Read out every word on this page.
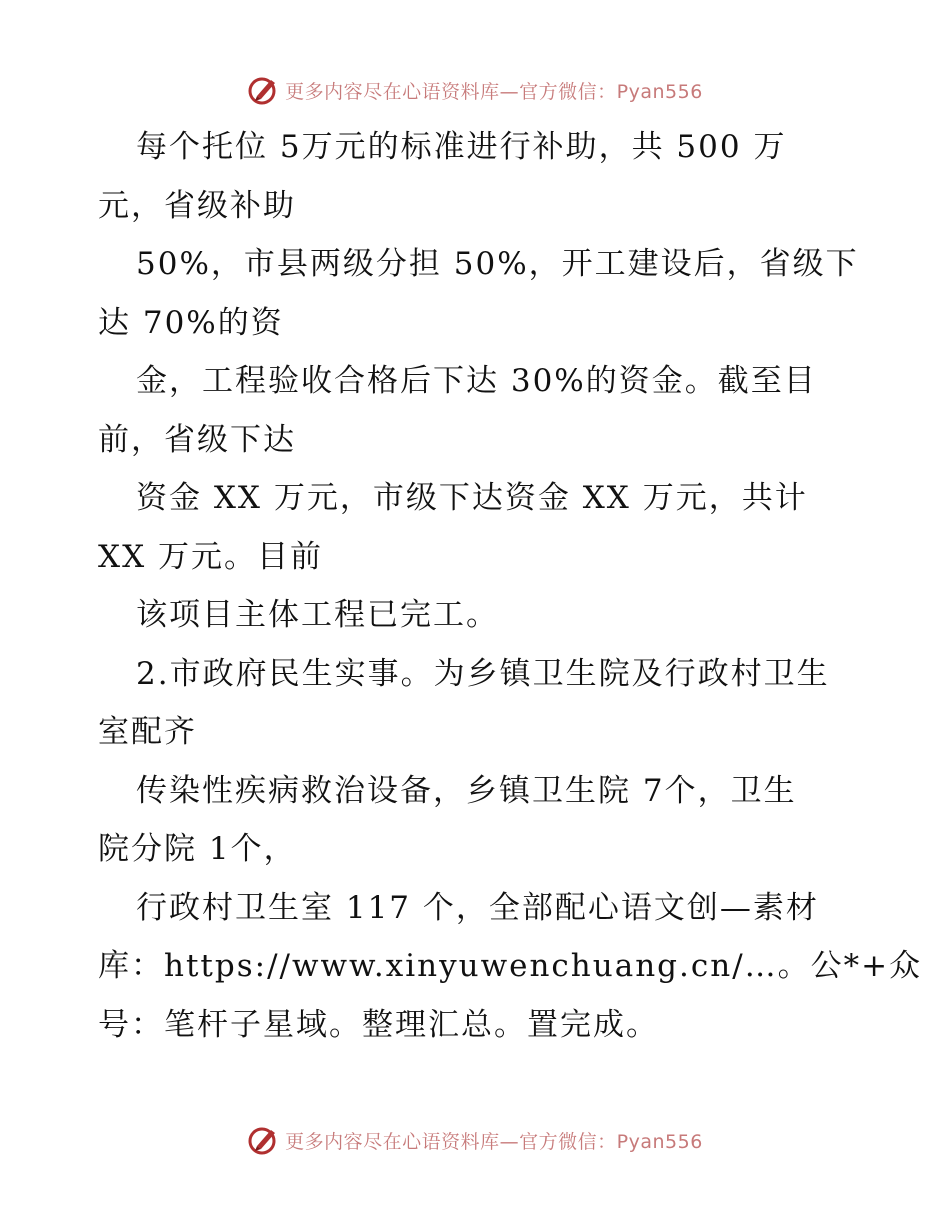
更多内容尽在心语资料库—官方微信：Pyan556
每个托位 5万元的标准进行补助，共 500 万
元，省级补助
50%，市县两级分担 50%，开工建设后，省级下
达 70%的资
金，工程验收合格后下达 30%的资金。截至目
前，省级下达
资金 XX 万元，市级下达资金 XX 万元，共计
XX 万元。目前
该项目主体工程已完工。
2.市政府民生实事。为乡镇卫生院及行政村卫生
室配齐
传染性疾病救治设备，乡镇卫生院 7个，卫生
院分院 1个，
行政村卫生室 117 个，全部配心语文创—素材
库：https://www.xinyuwenchuang.cn/…。公*+众
号：笔杆子星域。整理汇总。置完成。
更多内容尽在心语资料库—官方微信：Pyan556
